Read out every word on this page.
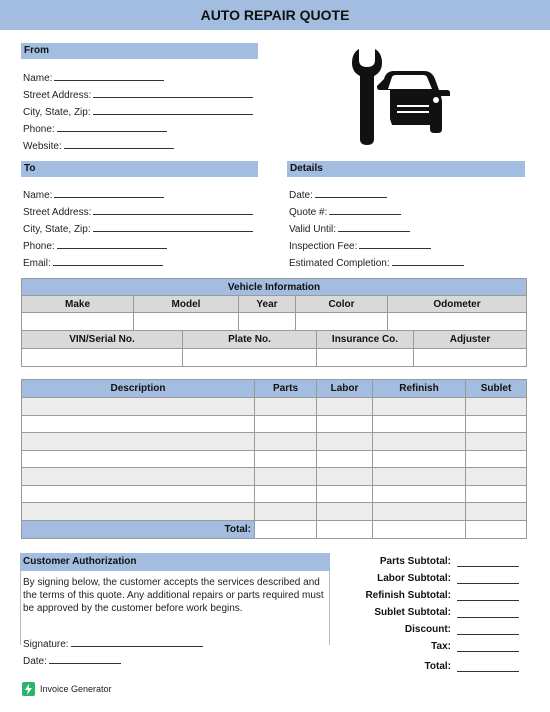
AUTO REPAIR QUOTE
From
Name:
Street Address:
City, State, Zip:
Phone:
Website:
To
Name:
Street Address:
City, State, Zip:
Phone:
Email:
Details
Date:
Quote #:
Valid Until:
Inspection Fee:
Estimated Completion:
Vehicle Information				
Make	Model	Year	Color	Odometer

VIN/Serial No.	Plate No.	Insurance Co.	Adjuster

Description	Parts	Labor	Refinish	Sublet

Total:				
Customer Authorization
By signing below, the customer accepts the services described and the terms of this quote. Any additional repairs or parts required must be approved by the customer before work begins.
Signature:
Date:
Parts Subtotal:
Labor Subtotal:
Refinish Subtotal:
Sublet Subtotal:
Discount:
Tax:
Total:
Invoice Generator
